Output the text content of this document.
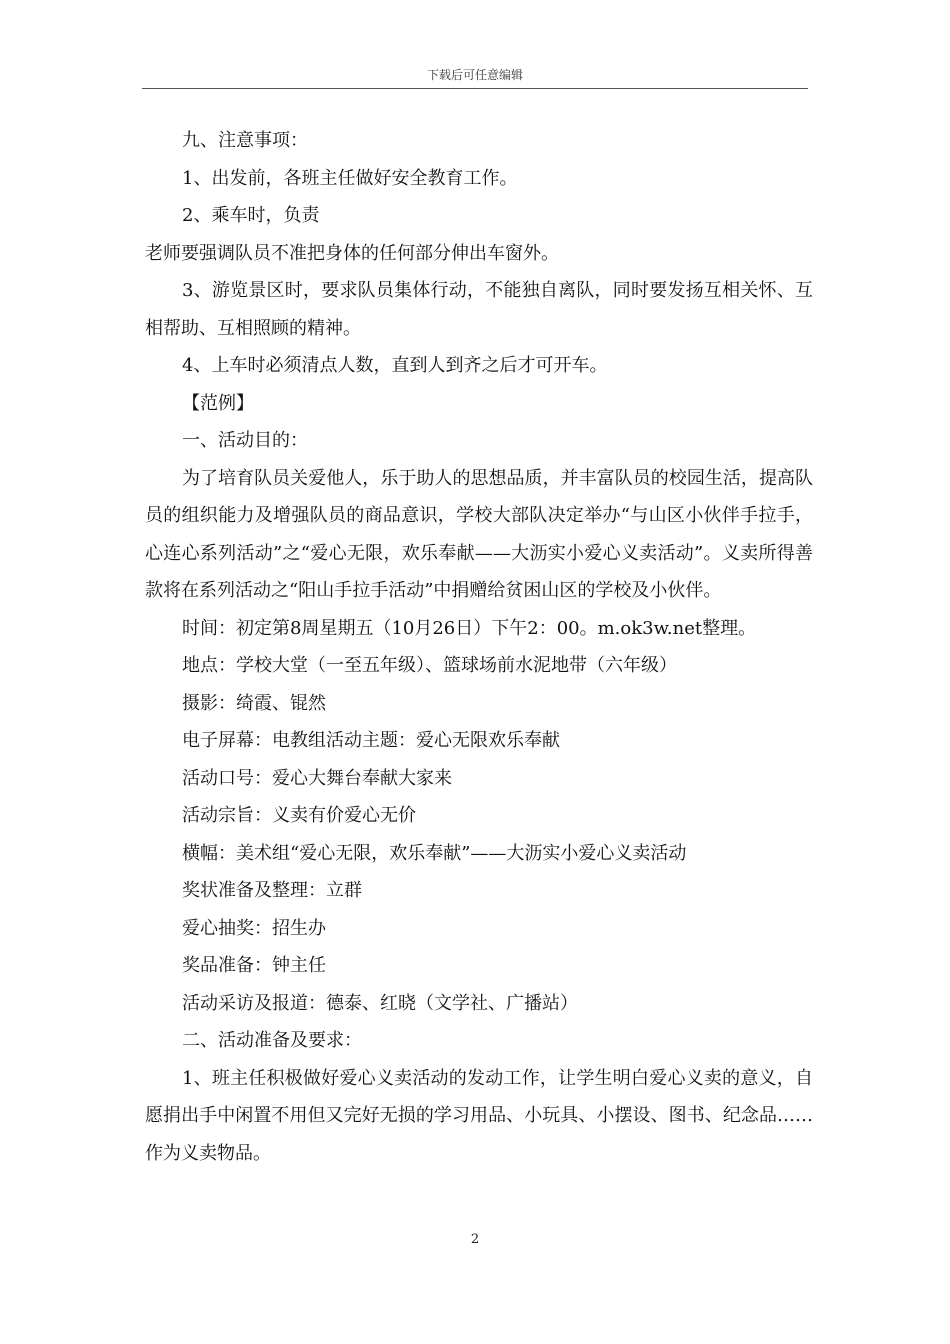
下载后可任意编辑

九、注意事项：

1、出发前，各班主任做好安全教育工作。

2、乘车时，负责

老师要强调队员不准把身体的任何部分伸出车窗外。

3、游览景区时，要求队员集体行动，不能独自离队，同时要发扬互相关怀、互相帮助、互相照顾的精神。

4、上车时必须清点人数，直到人到齐之后才可开车。

【范例】

一、活动目的：

为了培育队员关爱他人，乐于助人的思想品质，并丰富队员的校园生活，提高队员的组织能力及增强队员的商品意识，学校大部队决定举办“与山区小伙伴手拉手，心连心系列活动”之“爱心无限，欢乐奉献——大沥实小爱心义卖活动”。义卖所得善款将在系列活动之“阳山手拉手活动”中捐赠给贫困山区的学校及小伙伴。

时间：初定第8周星期五（10月26日）下午2：00。m.ok3w.net整理。

地点：学校大堂（一至五年级）、篮球场前水泥地带（六年级）

摄影：绮霞、锟然

电子屏幕：电教组活动主题：爱心无限欢乐奉献

活动口号：爱心大舞台奉献大家来

活动宗旨：义卖有价爱心无价

横幅：美术组“爱心无限，欢乐奉献”——大沥实小爱心义卖活动

奖状准备及整理：立群

爱心抽奖：招生办

奖品准备：钟主任

活动采访及报道：德泰、红晓（文学社、广播站）

二、活动准备及要求：

1、班主任积极做好爱心义卖活动的发动工作，让学生明白爱心义卖的意义，自愿捐出手中闲置不用但又完好无损的学习用品、小玩具、小摆设、图书、纪念品……作为义卖物品。

2
